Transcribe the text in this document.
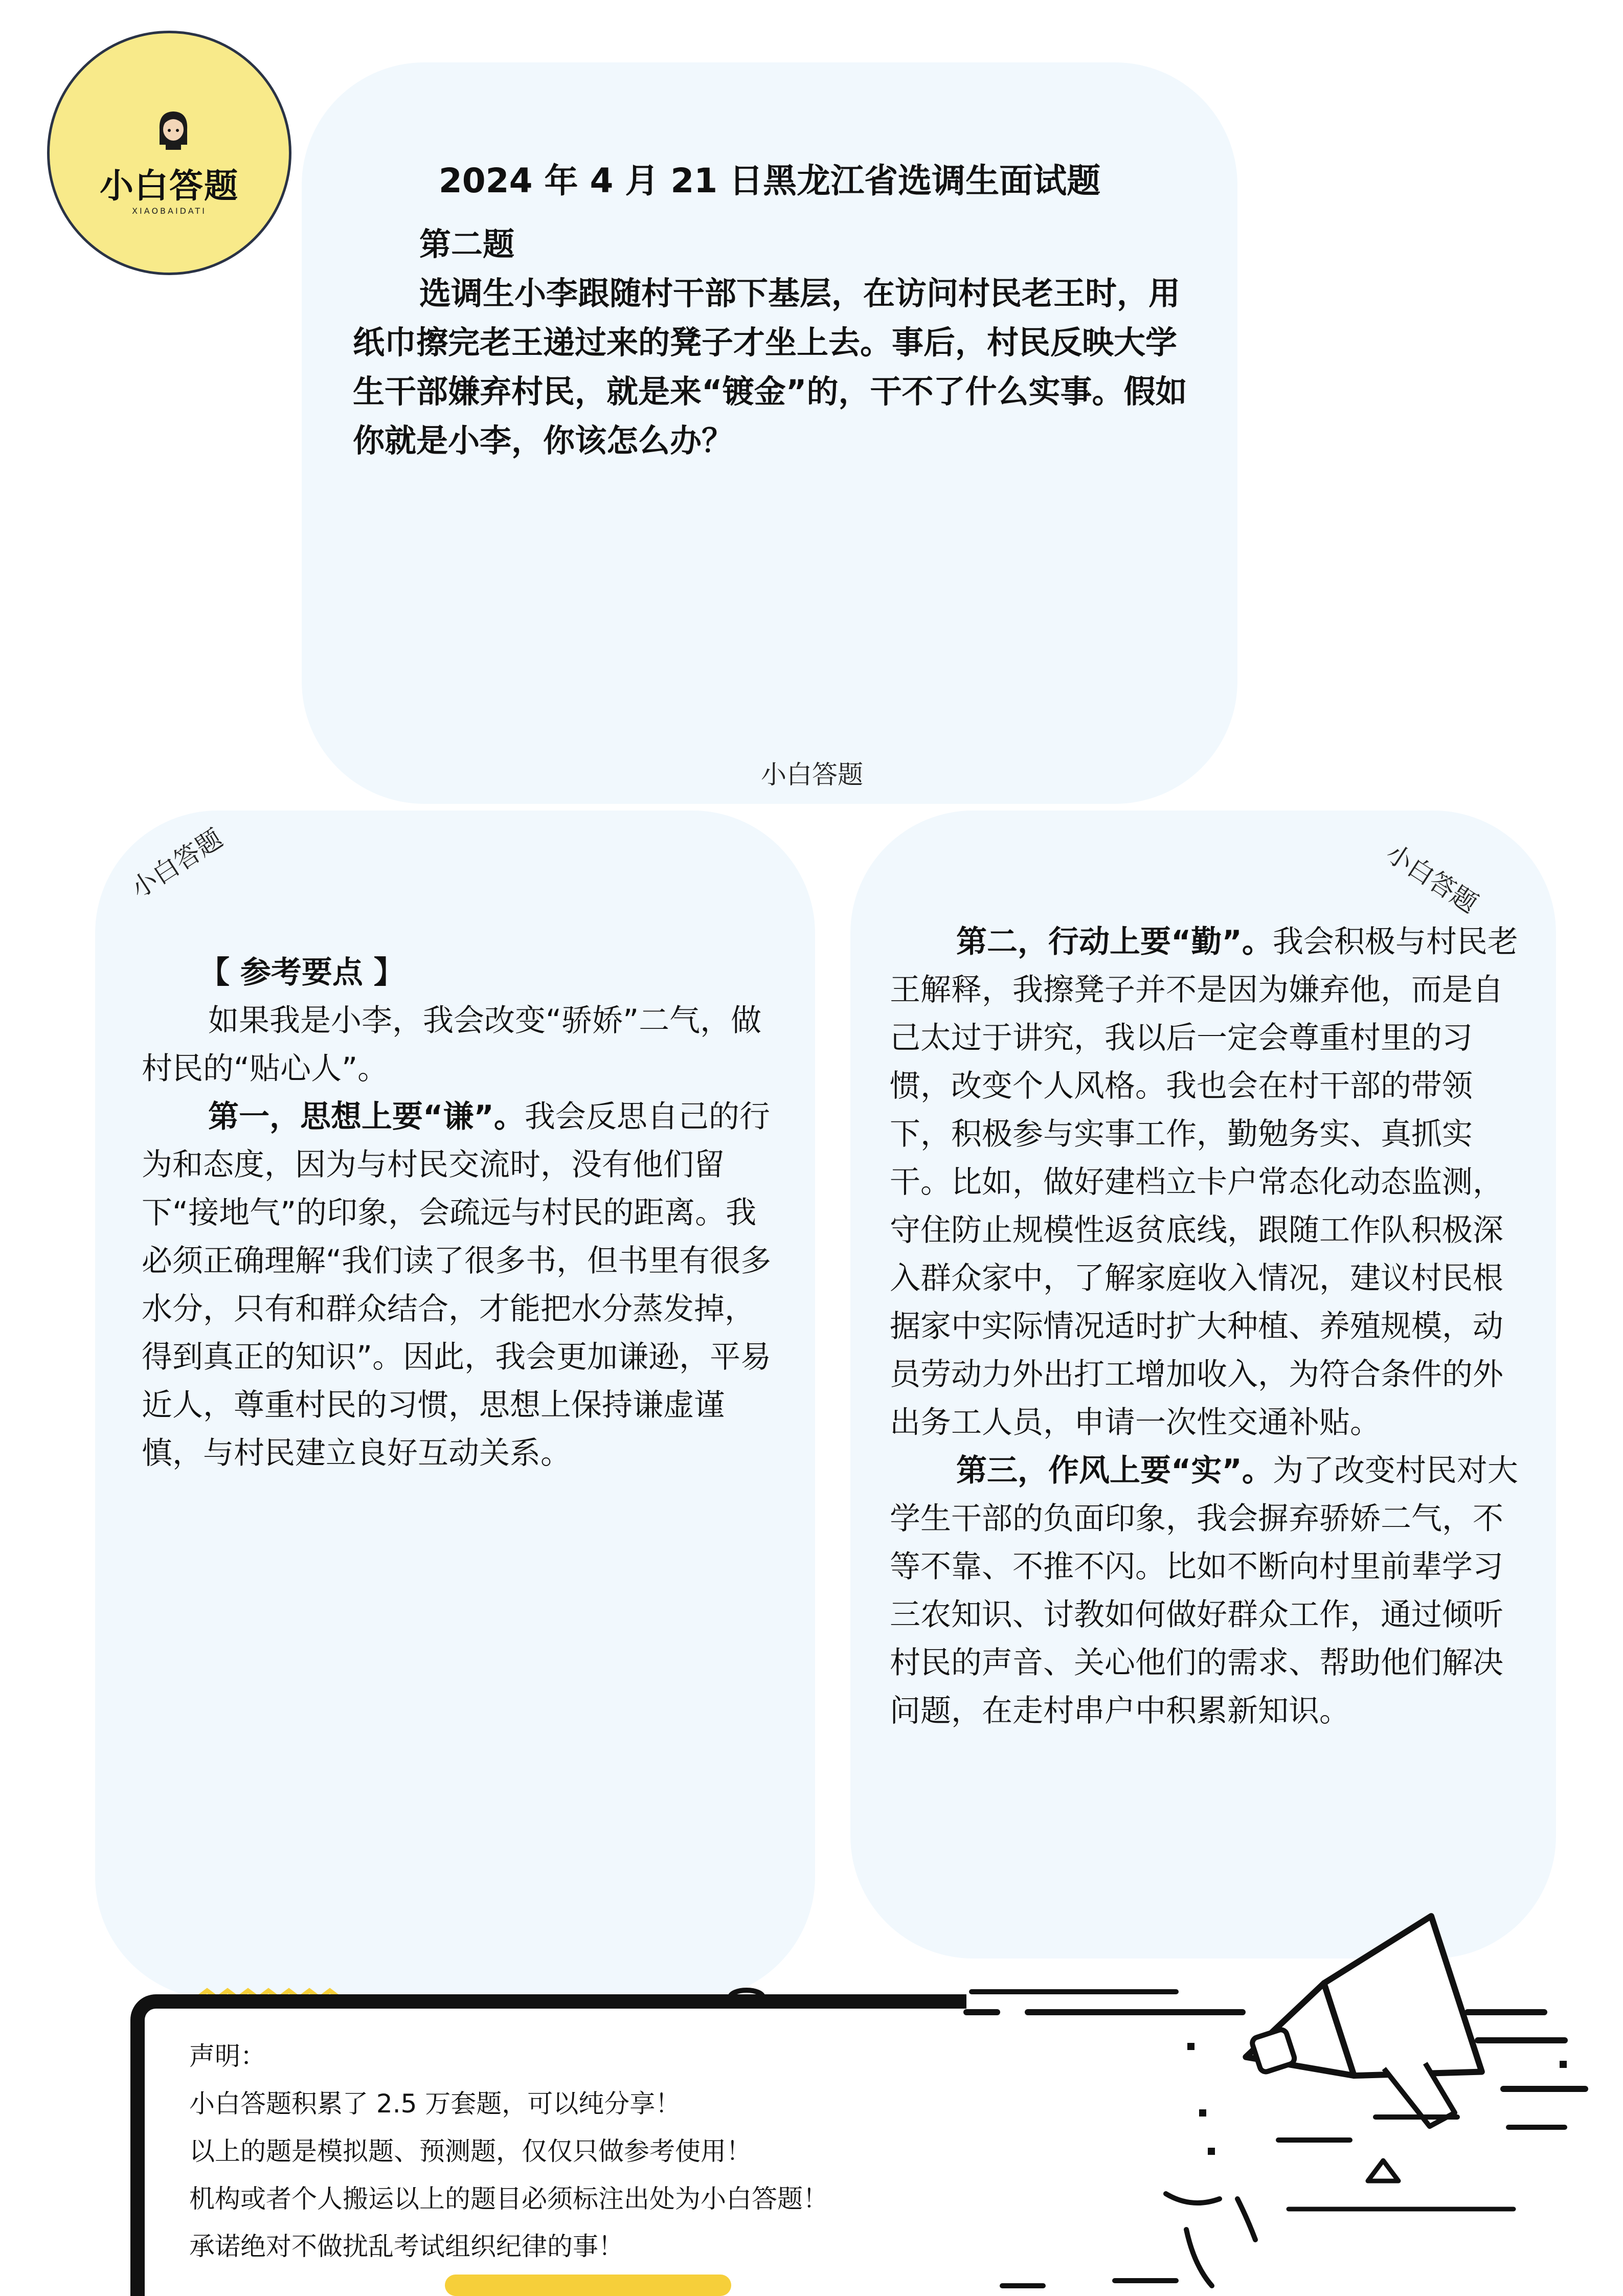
小白答题
XIAOBAIDATI
2024 年 4 月 21 日黑龙江省选调生面试题

第二题

选调生小李跟随村干部下基层，在访问村民老王时，用纸巾擦完老王递过来的凳子才坐上去。事后，村民反映大学生干部嫌弃村民，就是来“镀金”的，干不了什么实事。假如你就是小李，你该怎么办？

小白答题
小白答题	小白答题

【 参考要点 】

如果我是小李，我会改变“骄娇”二气，做村民的“贴心人”。

第一，思想上要“谦”。我会反思自己的行为和态度，因为与村民交流时，没有他们留下“接地气”的印象，会疏远与村民的距离。我必须正确理解“我们读了很多书，但书里有很多水分，只有和群众结合，才能把水分蒸发掉，得到真正的知识”。因此，我会更加谦逊，平易近人，尊重村民的习惯，思想上保持谦虚谨慎，与村民建立良好互动关系。

第二，行动上要“勤”。我会积极与村民老王解释，我擦凳子并不是因为嫌弃他，而是自己太过于讲究，我以后一定会尊重村里的习惯，改变个人风格。我也会在村干部的带领下，积极参与实事工作，勤勉务实、真抓实干。比如，做好建档立卡户常态化动态监测，守住防止规模性返贫底线，跟随工作队积极深入群众家中，了解家庭收入情况，建议村民根据家中实际情况适时扩大种植、养殖规模，动员劳动力外出打工增加收入，为符合条件的外出务工人员，申请一次性交通补贴。

第三，作风上要“实”。为了改变村民对大学生干部的负面印象，我会摒弃骄娇二气，不等不靠、不推不闪。比如不断向村里前辈学习三农知识、讨教如何做好群众工作，通过倾听村民的声音、关心他们的需求、帮助他们解决问题，在走村串户中积累新知识。

声明：

小白答题积累了 2.5 万套题，可以纯分享！

以上的题是模拟题、预测题，仅仅只做参考使用！

机构或者个人搬运以上的题目必须标注出处为小白答题！

承诺绝对不做扰乱考试组织纪律的事！
